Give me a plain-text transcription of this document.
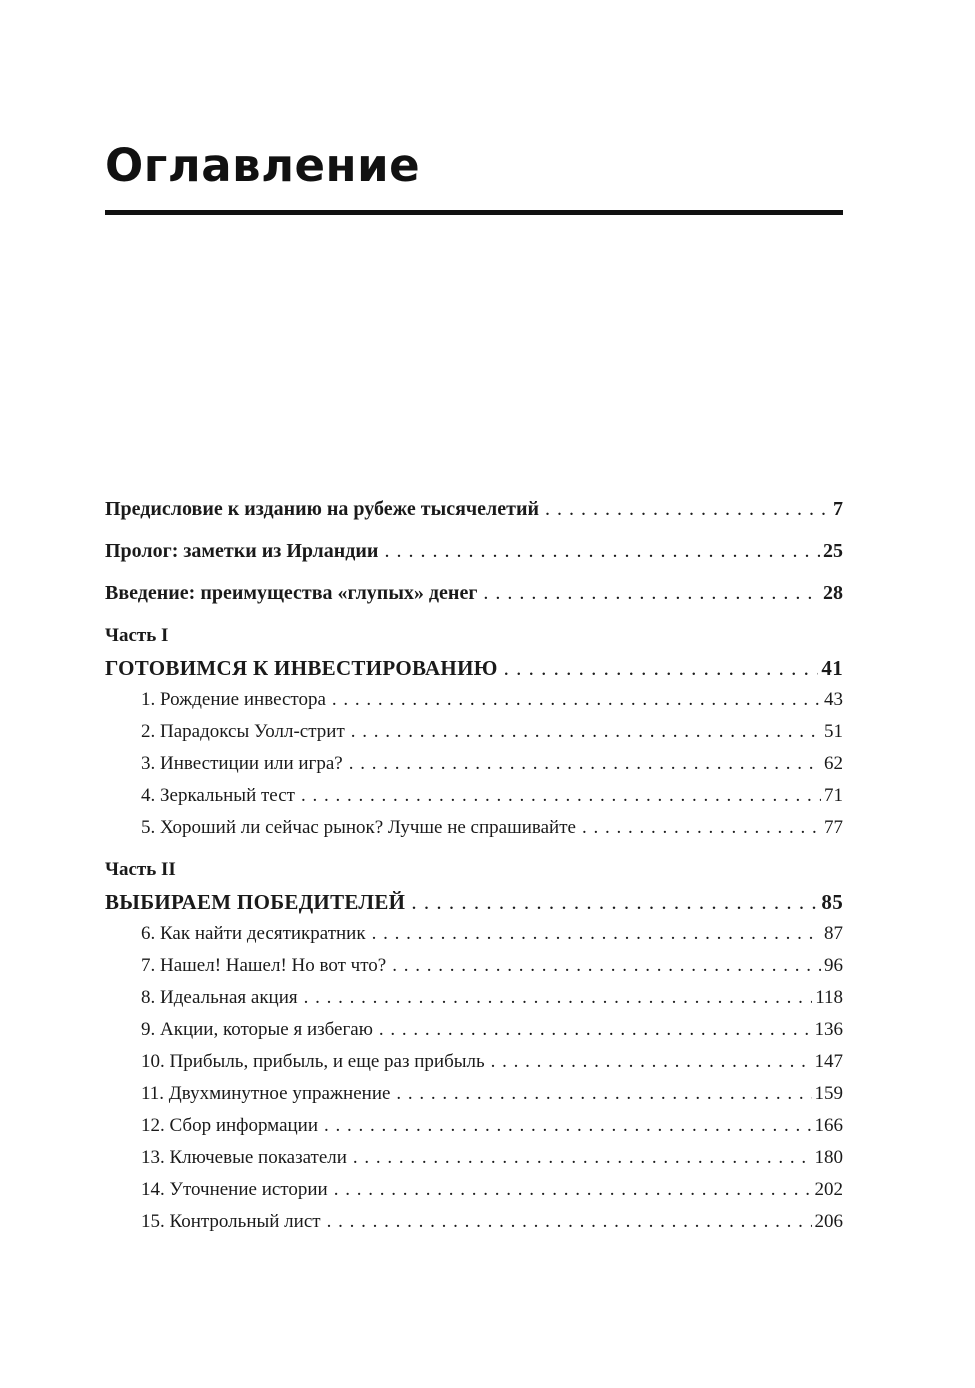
Оглавление
Предисловие к изданию на рубеже тысячелетий . . .	7
Пролог: заметки из Ирландии . . .	25
Введение: преимущества «глупых» денег . . .	28
Часть I
ГОТОВИМСЯ К ИНВЕСТИРОВАНИЮ . . .	41
1. Рождение инвестора . . .	43
2. Парадоксы Уолл-стрит . . .	51
3. Инвестиции или игра? . . .	62
4. Зеркальный тест . . .	71
5. Хороший ли сейчас рынок? Лучше не спрашивайте . . .	77
Часть II
ВЫБИРАЕМ ПОБЕДИТЕЛЕЙ . . .	85
6. Как найти десятикратник . . .	87
7. Нашел! Нашел! Но вот что? . . .	96
8. Идеальная акция . . .	118
9. Акции, которые я избегаю . . .	136
10. Прибыль, прибыль, и еще раз прибыль . . .	147
11. Двухминутное упражнение . . .	159
12. Сбор информации . . .	166
13. Ключевые показатели . . .	180
14. Уточнение истории . . .	202
15. Контрольный лист . . .	206
